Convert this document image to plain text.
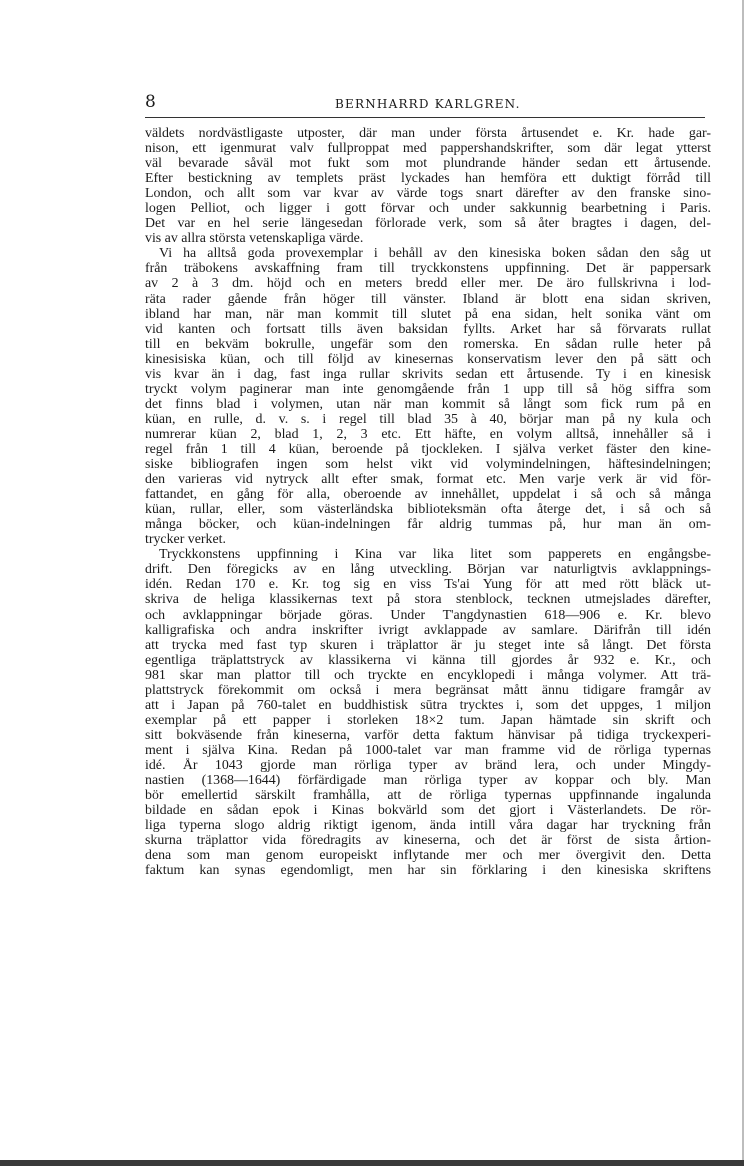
8	BERNHARRD KARLGREN.
väldets nordvästligaste utposter, där man under första årtusendet e. Kr. hade gar-
nison, ett igenmurat valv fullproppat med pappershandskrifter, som där legat ytterst
väl bevarade såväl mot fukt som mot plundrande händer sedan ett årtusende.
Efter bestickning av templets präst lyckades han hemföra ett duktigt förråd till
London, och allt som var kvar av värde togs snart därefter av den franske sino-
logen Pelliot, och ligger i gott förvar och under sakkunnig bearbetning i Paris.
Det var en hel serie längesedan förlorade verk, som så åter bragtes i dagen, del-
vis av allra största vetenskapliga värde.
Vi ha alltså goda provexemplar i behåll av den kinesiska boken sådan den såg ut
från träbokens avskaffning fram till tryckkonstens uppfinning. Det är pappersark
av 2 à 3 dm. höjd och en meters bredd eller mer. De äro fullskrivna i lod-
räta rader gående från höger till vänster. Ibland är blott ena sidan skriven,
ibland har man, när man kommit till slutet på ena sidan, helt sonika vänt om
vid kanten och fortsatt tills även baksidan fyllts. Arket har så förvarats rullat
till en bekväm bokrulle, ungefär som den romerska. En sådan rulle heter på
kinesisiska küan, och till följd av kinesernas konservatism lever den på sätt och
vis kvar än i dag, fast inga rullar skrivits sedan ett årtusende. Ty i en kinesisk
tryckt volym paginerar man inte genomgående från 1 upp till så hög siffra som
det finns blad i volymen, utan när man kommit så långt som fick rum på en
küan, en rulle, d. v. s. i regel till blad 35 à 40, börjar man på ny kula och
numrerar küan 2, blad 1, 2, 3 etc. Ett häfte, en volym alltså, innehåller så i
regel från 1 till 4 küan, beroende på tjockleken. I själva verket fäster den kine-
siske bibliografen ingen som helst vikt vid volymindelningen, häftesindelningen;
den varieras vid nytryck allt efter smak, format etc. Men varje verk är vid för-
fattandet, en gång för alla, oberoende av innehållet, uppdelat i så och så många
küan, rullar, eller, som västerländska biblioteksmän ofta återge det, i så och så
många böcker, och küan-indelningen får aldrig tummas på, hur man än om-
trycker verket.
Tryckkonstens uppfinning i Kina var lika litet som papperets en engångsbe-
drift. Den föregicks av en lång utveckling. Början var naturligtvis avklappnings-
idén. Redan 170 e. Kr. tog sig en viss Ts'ai Yung för att med rött bläck ut-
skriva de heliga klassikernas text på stora stenblock, tecknen utmejslades därefter,
och avklappningar började göras. Under T'angdynastien 618—906 e. Kr. blevo
kalligrafiska och andra inskrifter ivrigt avklappade av samlare. Därifrån till idén
att trycka med fast typ skuren i träplattor är ju steget inte så långt. Det första
egentliga träplattstryck av klassikerna vi känna till gjordes år 932 e. Kr., och
981 skar man plattor till och tryckte en encyklopedi i många volymer. Att trä-
plattstryck förekommit om också i mera begränsat mått ännu tidigare framgår av
att i Japan på 760-talet en buddhistisk sūtra trycktes i, som det uppges, 1 miljon
exemplar på ett papper i storleken 18×2 tum. Japan hämtade sin skrift och
sitt bokväsende från kineserna, varför detta faktum hänvisar på tidiga tryckexperi-
ment i själva Kina. Redan på 1000-talet var man framme vid de rörliga typernas
idé. År 1043 gjorde man rörliga typer av bränd lera, och under Mingdy-
nastien (1368—1644) förfärdigade man rörliga typer av koppar och bly. Man
bör emellertid särskilt framhålla, att de rörliga typernas uppfinnande ingalunda
bildade en sådan epok i Kinas bokvärld som det gjort i Västerlandets. De rör-
liga typerna slogo aldrig riktigt igenom, ända intill våra dagar har tryckning från
skurna träplattor vida föredragits av kineserna, och det är först de sista årtion-
dena som man genom europeiskt inflytande mer och mer övergivit den. Detta
faktum kan synas egendomligt, men har sin förklaring i den kinesiska skriftens
